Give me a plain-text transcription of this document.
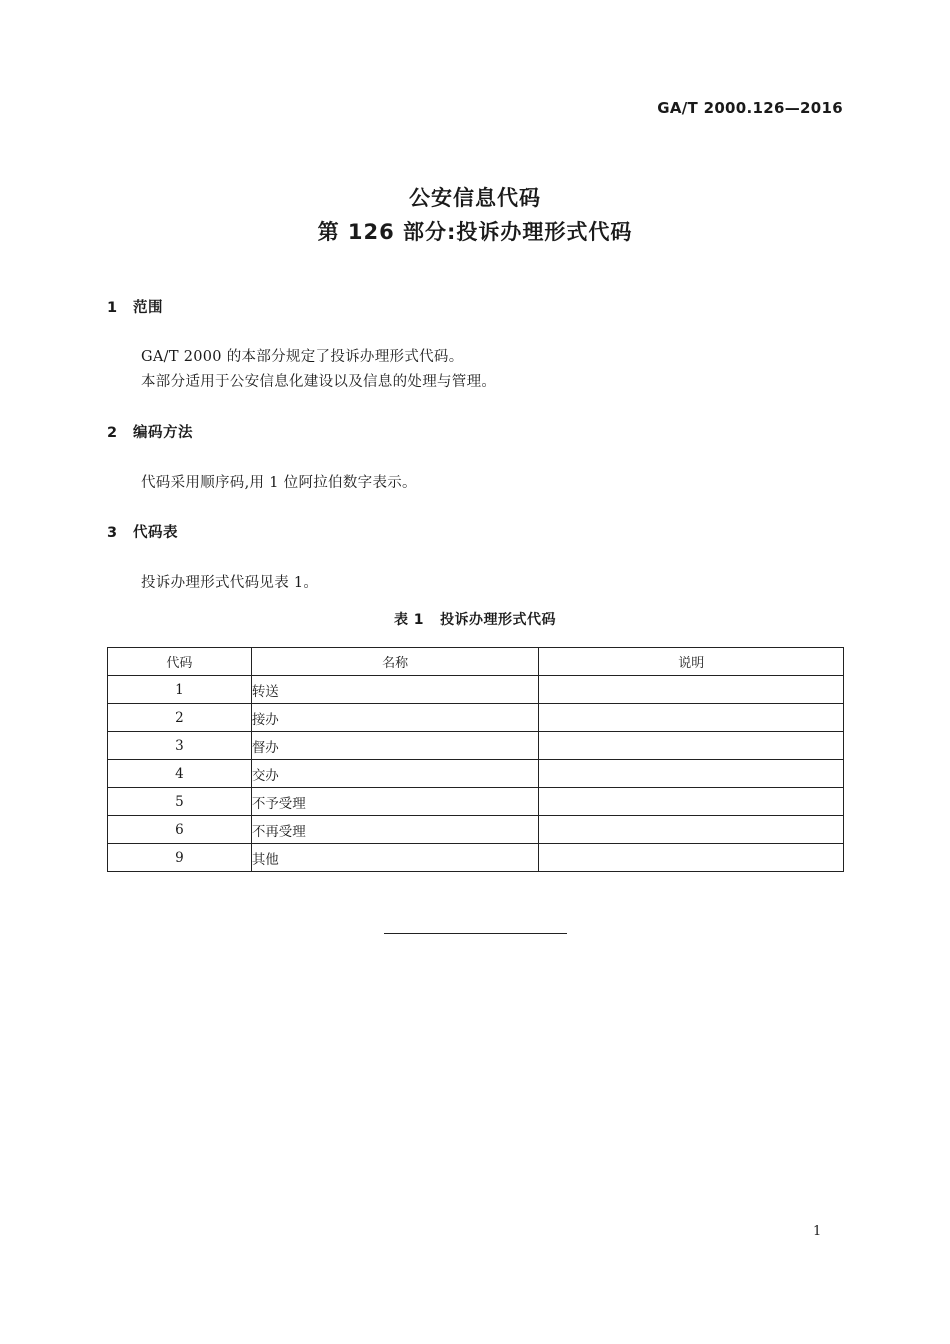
GA/T 2000.126—2016
公安信息代码
第 126 部分:投诉办理形式代码
1 范围
GA/T 2000 的本部分规定了投诉办理形式代码。
本部分适用于公安信息化建设以及信息的处理与管理。
2 编码方法
代码采用顺序码,用 1 位阿拉伯数字表示。
3 代码表
投诉办理形式代码见表 1。
表 1 投诉办理形式代码
代码	名称	说明
1	转送	
2	接办	
3	督办	
4	交办	
5	不予受理	
6	不再受理	
9	其他	
1
